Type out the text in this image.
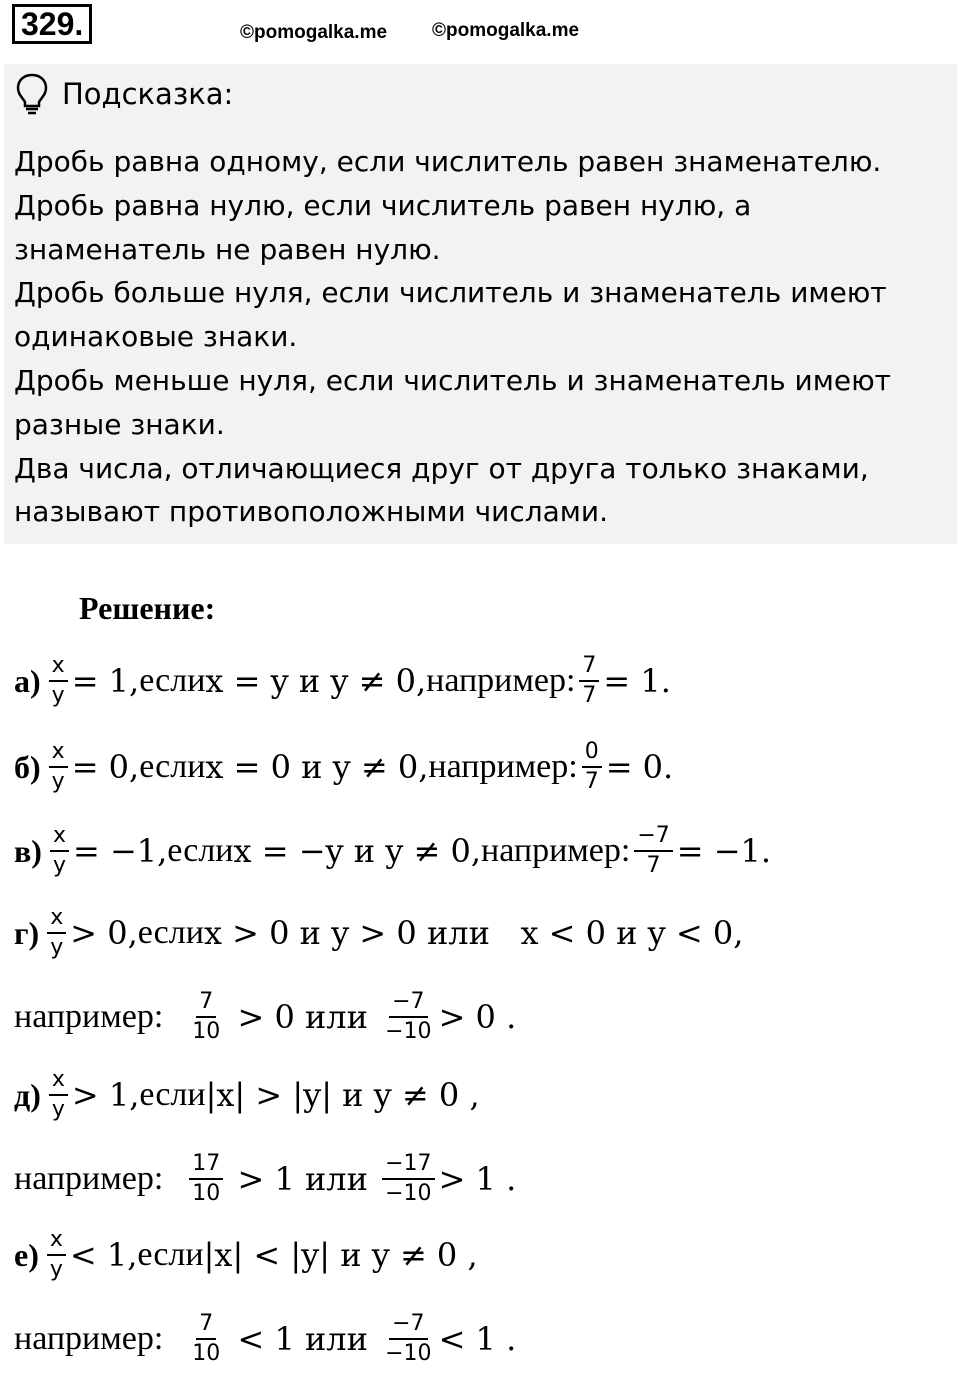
329.	©pomogalka.me ©pomogalka.me
Подсказка:
Дробь равна одному, если числитель равен знаменателю.
Дробь равна нулю, если числитель равен нулю, а
знаменатель не равен нулю.
Дробь больше нуля, если числитель и знаменатель имеют
одинаковые знаки.
Дробь меньше нуля, если числитель и знаменатель имеют
разные знаки.
Два числа, отличающиеся друг от друга только знаками,
называют противоположными числами.
Решение:
$а) \frac{x}{y} = 1$, если x = y и y ≠ 0, например: $\frac{7}{7} = 1$.
$б) \frac{x}{y} = 0$, если x = 0 и y ≠ 0, например: $\frac{0}{7} = 0$.
$в) \frac{x}{y} = -1$, если x = −y и y ≠ 0, например: $\frac{-7}{7} = -1$.
$г) \frac{x}{y} > 0$, если x > 0 и y > 0 или   x < 0 и y < 0,
например: $\frac{7}{10} > 0$ или $\frac{-7}{-10} > 0$ .
$д) \frac{x}{y} > 1$, если |x| > |y| и y ≠ 0 ,
например: $\frac{17}{10} > 1$ или $\frac{-17}{-10} > 1$ .
$е) \frac{x}{y} < 1$, если |x| < |y| и y ≠ 0 ,
например: $\frac{7}{10} < 1$ или $\frac{-7}{-10} < 1$ .
